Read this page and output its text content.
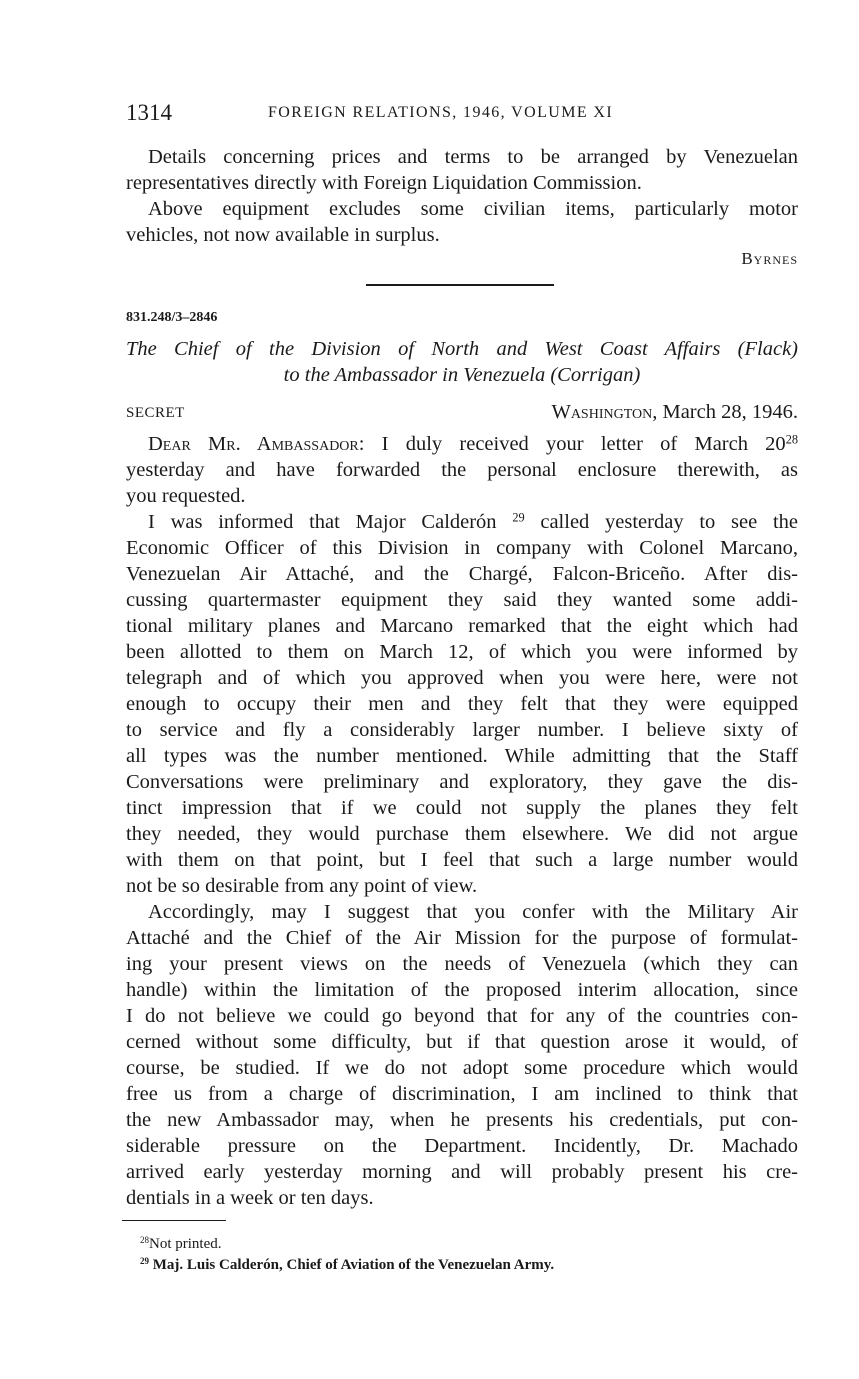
1314	FOREIGN RELATIONS, 1946, VOLUME XI
Details concerning prices and terms to be arranged by Venezuelan
representatives directly with Foreign Liquidation Commission.
Above equipment excludes some civilian items, particularly motor
vehicles, not now available in surplus.
Byrnes
831.248/3–2846
The Chief of the Division of North and West Coast Affairs (Flack)
to the Ambassador in Venezuela (Corrigan)
SECRET	Washington, March 28, 1946.
Dear Mr. Ambassador: I duly received your letter of March $20^{28}$
yesterday and have forwarded the personal enclosure therewith, as
you requested.
I was informed that Major Calderón $^{29}$ called yesterday to see the
Economic Officer of this Division in company with Colonel Marcano,
Venezuelan Air Attaché, and the Chargé, Falcon-Briceño. After dis-
cussing quartermaster equipment they said they wanted some addi-
tional military planes and Marcano remarked that the eight which had
been allotted to them on March 12, of which you were informed by
telegraph and of which you approved when you were here, were not
enough to occupy their men and they felt that they were equipped
to service and fly a considerably larger number. I believe sixty of
all types was the number mentioned. While admitting that the Staff
Conversations were preliminary and exploratory, they gave the dis-
tinct impression that if we could not supply the planes they felt
they needed, they would purchase them elsewhere. We did not argue
with them on that point, but I feel that such a large number would
not be so desirable from any point of view.
Accordingly, may I suggest that you confer with the Military Air
Attaché and the Chief of the Air Mission for the purpose of formulat-
ing your present views on the needs of Venezuela (which they can
handle) within the limitation of the proposed interim allocation, since
I do not believe we could go beyond that for any of the countries con-
cerned without some difficulty, but if that question arose it would, of
course, be studied. If we do not adopt some procedure which would
free us from a charge of discrimination, I am inclined to think that
the new Ambassador may, when he presents his credentials, put con-
siderable pressure on the Department. Incidently, Dr. Machado
arrived early yesterday morning and will probably present his cre-
dentials in a week or ten days.
$^{28}$Not printed.
$^{29}$ Maj. Luis Calderón, Chief of Aviation of the Venezuelan Army.
